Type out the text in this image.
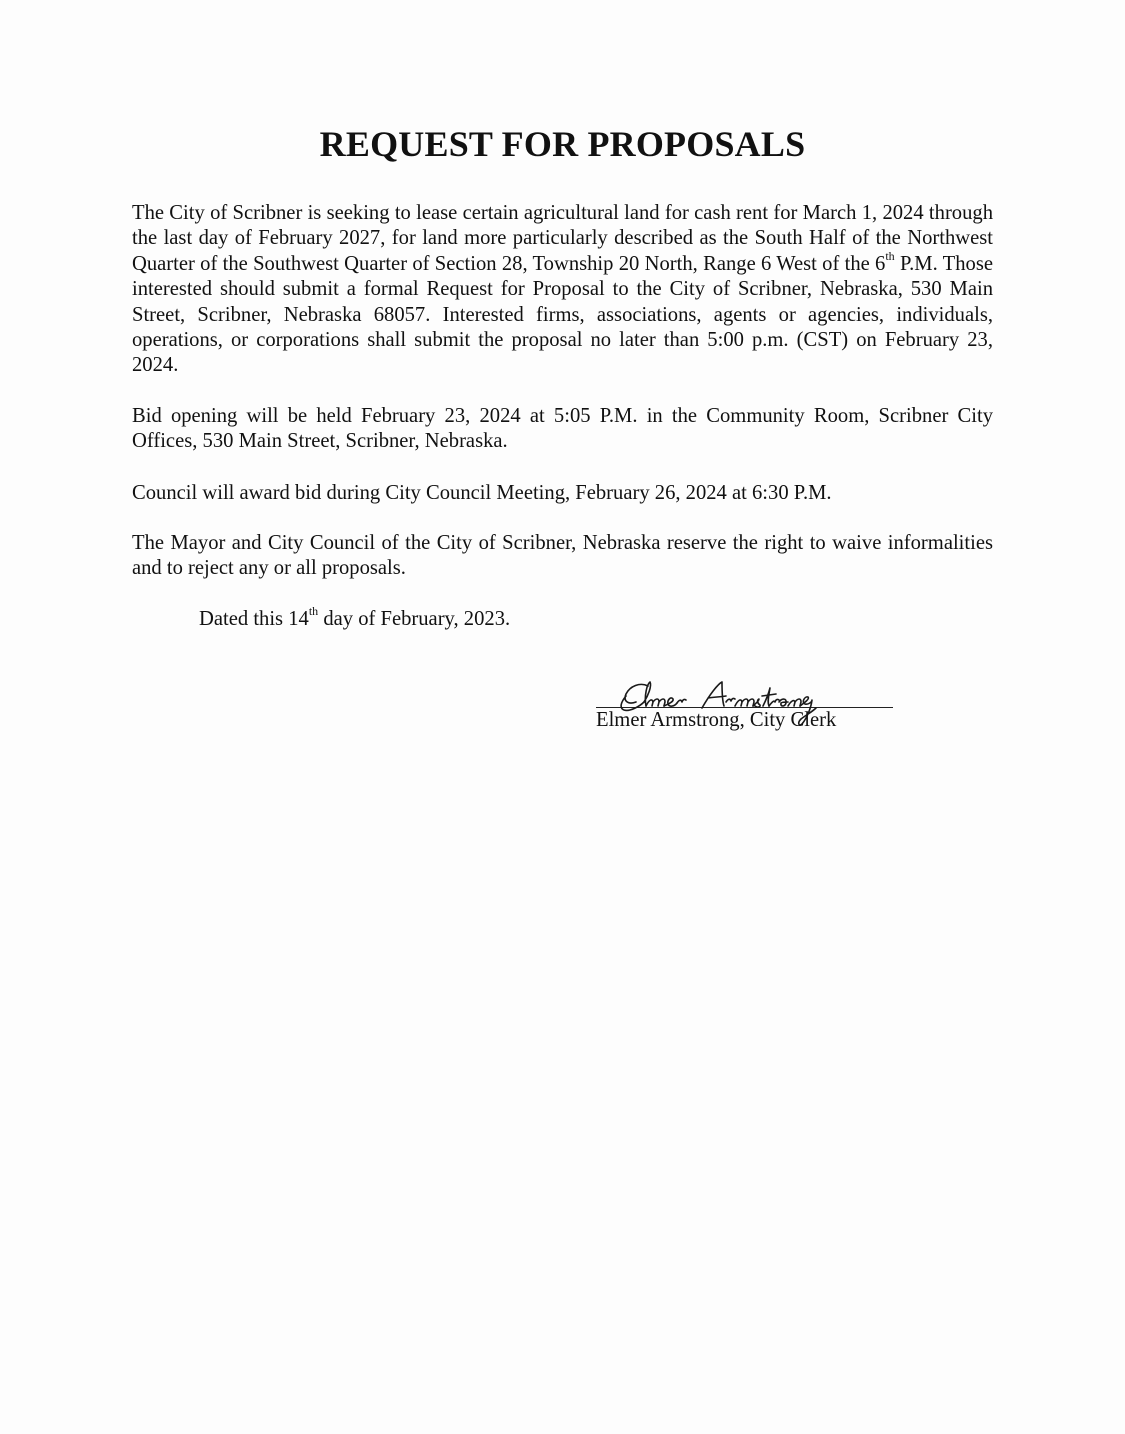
REQUEST FOR PROPOSALS

The City of Scribner is seeking to lease certain agricultural land for cash rent for March 1, 2024 through the last day of February 2027, for land more particularly described as the South Half of the Northwest Quarter of the Southwest Quarter of Section 28, Township 20 North, Range 6 West of the 6th P.M. Those interested should submit a formal Request for Proposal to the City of Scribner, Nebraska, 530 Main Street, Scribner, Nebraska 68057. Interested firms, associations, agents or agencies, individuals, operations, or corporations shall submit the proposal no later than 5:00 p.m. (CST) on February 23, 2024.

Bid opening will be held February 23, 2024 at 5:05 P.M. in the Community Room, Scribner City Offices, 530 Main Street, Scribner, Nebraska.

Council will award bid during City Council Meeting, February 26, 2024 at 6:30 P.M.

The Mayor and City Council of the City of Scribner, Nebraska reserve the right to waive informalities and to reject any or all proposals.

Dated this 14th day of February, 2023.
Elmer Armstrong, City Clerk
